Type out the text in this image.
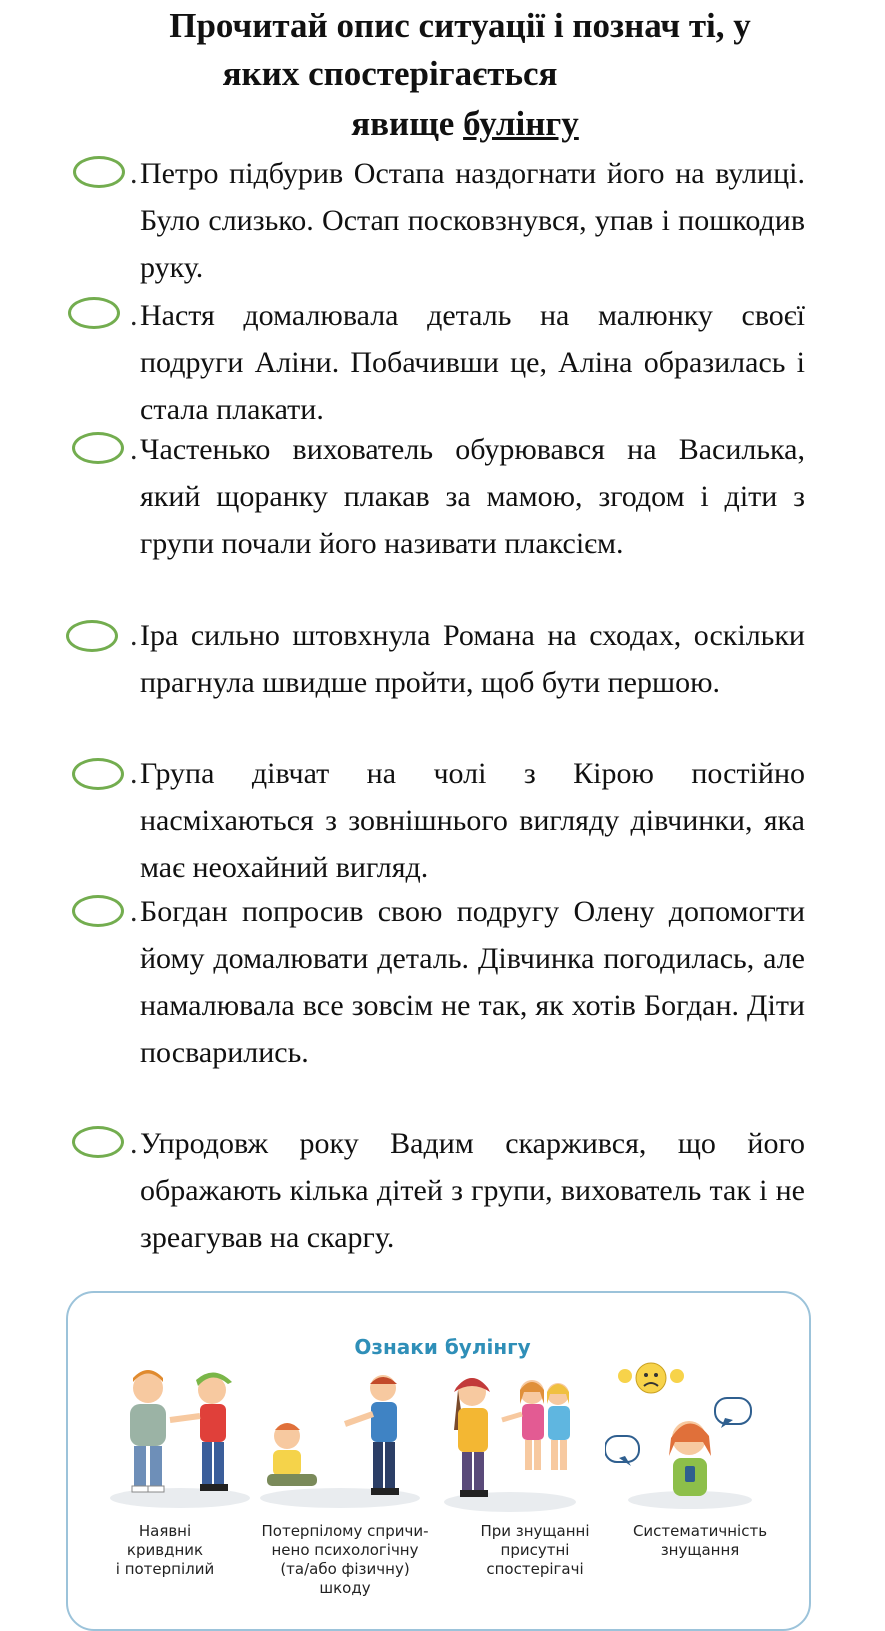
Прочитай опис ситуації і познач ті, у
яких спостерігається
явище булінгу
.Петро підбурив Остапа наздогнати його на вулиці. Було слизько. Остап посковзнувся, упав і пошкодив руку.
.Настя домалювала деталь на малюнку своєї подруги Аліни. Побачивши це, Аліна образилась і стала плакати.
.Частенько вихователь обурювався на Василька, який щоранку плакав за мамою, згодом і діти з групи почали його називати плаксієм.
.Іра сильно штовхнула Романа на сходах, оскільки прагнула швидше пройти, щоб бути першою.
.Група дівчат на чолі з Кірою постійно насміхаються з зовнішнього вигляду дівчинки, яка має неохайний вигляд.
.Богдан попросив свою подругу Олену допомогти йому домалювати деталь. Дівчинка погодилась, але намалювала все зовсім не так, як хотів Богдан. Діти посварились.
.Упродовж року Вадим скаржився, що його ображають кілька дітей з групи, вихователь так і не зреагував на скаргу.
Ознаки булінгу
Наявні
кривдник
і потерпілий
Потерпілому спричи-
нено психологічну
(та/або фізичну)
шкоду
При знущанні
присутні
спостерігачі
Систематичність
знущання
